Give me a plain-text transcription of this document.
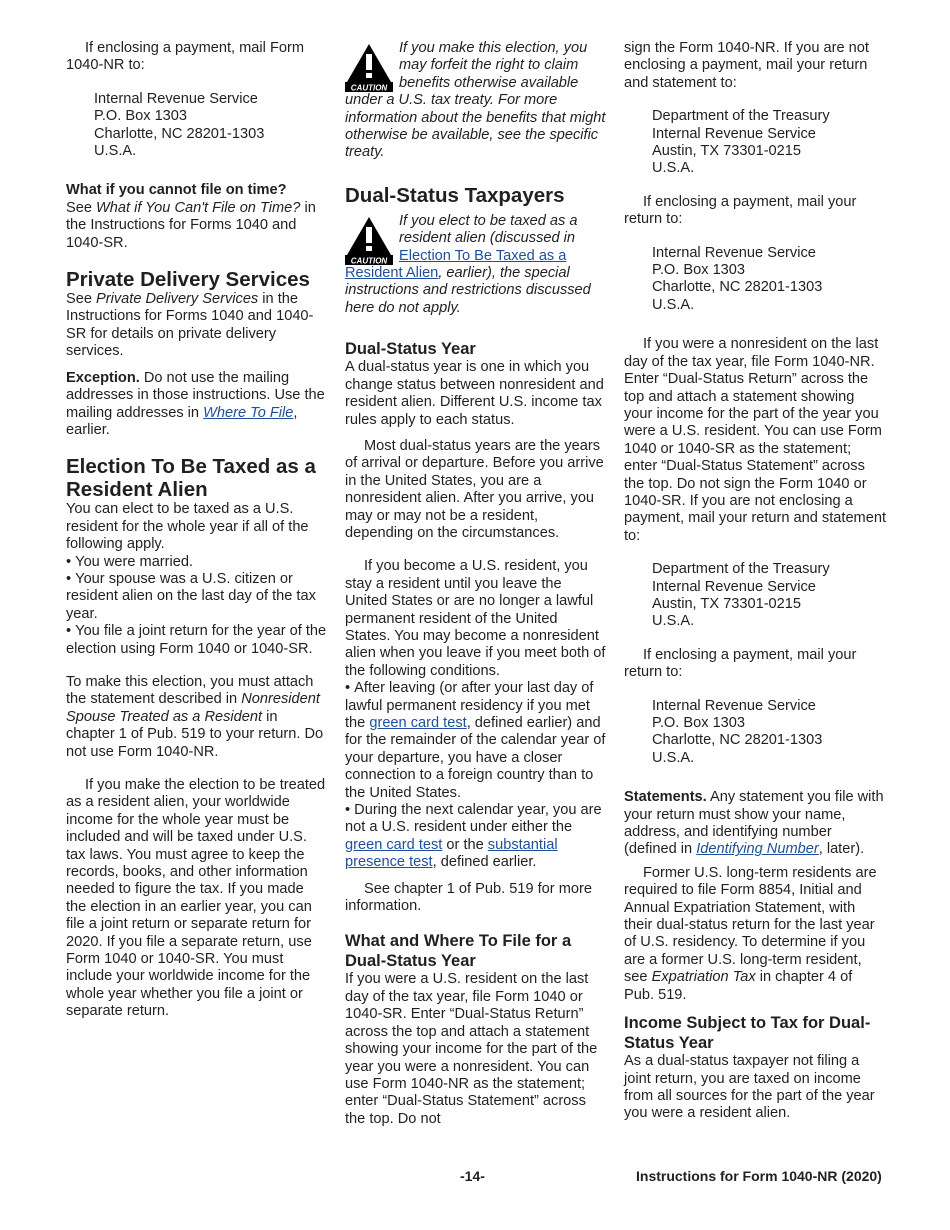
If enclosing a payment, mail Form 1040-NR to:

Internal Revenue Service
P.O. Box 1303
Charlotte, NC 28201-1303
U.S.A.

What if you cannot file on time?
See What if You Can't File on Time? in the Instructions for Forms 1040 and 1040-SR.

Private Delivery Services

See Private Delivery Services in the Instructions for Forms 1040 and 1040-SR for details on private delivery services.

Exception. Do not use the mailing addresses in those instructions. Use the mailing addresses in Where To File, earlier.

Election To Be Taxed as a Resident Alien

You can elect to be taxed as a U.S. resident for the whole year if all of the following apply.

• You were married.

• Your spouse was a U.S. citizen or resident alien on the last day of the tax year.

• You file a joint return for the year of the election using Form 1040 or 1040-SR.

To make this election, you must attach the statement described in Nonresident Spouse Treated as a Resident in chapter 1 of Pub. 519 to your return. Do not use Form 1040-NR.

If you make the election to be treated as a resident alien, your worldwide income for the whole year must be included and will be taxed under U.S. tax laws. You must agree to keep the records, books, and other information needed to figure the tax. If you made the election in an earlier year, you can file a joint return or separate return for 2020. If you file a separate return, use Form 1040 or 1040-SR. You must include your worldwide income for the whole year whether you file a joint or separate return.

CAUTION

If you make this election, you may forfeit the right to claim benefits otherwise available under a U.S. tax treaty. For more information about the benefits that might otherwise be available, see the specific treaty.

Dual-Status Taxpayers
CAUTION

If you elect to be taxed as a resident alien (discussed in Election To Be Taxed as a Resident Alien, earlier), the special instructions and restrictions discussed here do not apply.

Dual-Status Year

A dual-status year is one in which you change status between nonresident and resident alien. Different U.S. income tax rules apply to each status.

Most dual-status years are the years of arrival or departure. Before you arrive in the United States, you are a nonresident alien. After you arrive, you may or may not be a resident, depending on the circumstances.

If you become a U.S. resident, you stay a resident until you leave the United States or are no longer a lawful permanent resident of the United States. You may become a nonresident alien when you leave if you meet both of the following conditions.

• After leaving (or after your last day of lawful permanent residency if you met the green card test, defined earlier) and for the remainder of the calendar year of your departure, you have a closer connection to a foreign country than to the United States.

• During the next calendar year, you are not a U.S. resident under either the green card test or the substantial presence test, defined earlier.

See chapter 1 of Pub. 519 for more information.

What and Where To File for a Dual-Status Year

If you were a U.S. resident on the last day of the tax year, file Form 1040 or 1040-SR. Enter “Dual-Status Return” across the top and attach a statement showing your income for the part of the year you were a nonresident. You can use Form 1040-NR as the statement; enter “Dual-Status Statement” across the top. Do not

sign the Form 1040-NR. If you are not enclosing a payment, mail your return and statement to:

Department of the Treasury
Internal Revenue Service
Austin, TX 73301-0215
U.S.A.

If enclosing a payment, mail your return to:

Internal Revenue Service
P.O. Box 1303
Charlotte, NC 28201-1303
U.S.A.

If you were a nonresident on the last day of the tax year, file Form 1040-NR. Enter “Dual-Status Return” across the top and attach a statement showing your income for the part of the year you were a U.S. resident. You can use Form 1040 or 1040-SR as the statement; enter “Dual-Status Statement” across the top. Do not sign the Form 1040 or 1040-SR. If you are not enclosing a payment, mail your return and statement to:

Department of the Treasury
Internal Revenue Service
Austin, TX 73301-0215
U.S.A.

If enclosing a payment, mail your return to:

Internal Revenue Service
P.O. Box 1303
Charlotte, NC 28201-1303
U.S.A.

Statements. Any statement you file with your return must show your name, address, and identifying number (defined in Identifying Number, later).

Former U.S. long-term residents are required to file Form 8854, Initial and Annual Expatriation Statement, with their dual-status return for the last year of U.S. residency. To determine if you are a former U.S. long-term resident, see Expatriation Tax in chapter 4 of Pub. 519.

Income Subject to Tax for Dual-Status Year

As a dual-status taxpayer not filing a joint return, you are taxed on income from all sources for the part of the year you were a resident alien.

-14-	Instructions for Form 1040-NR (2020)
